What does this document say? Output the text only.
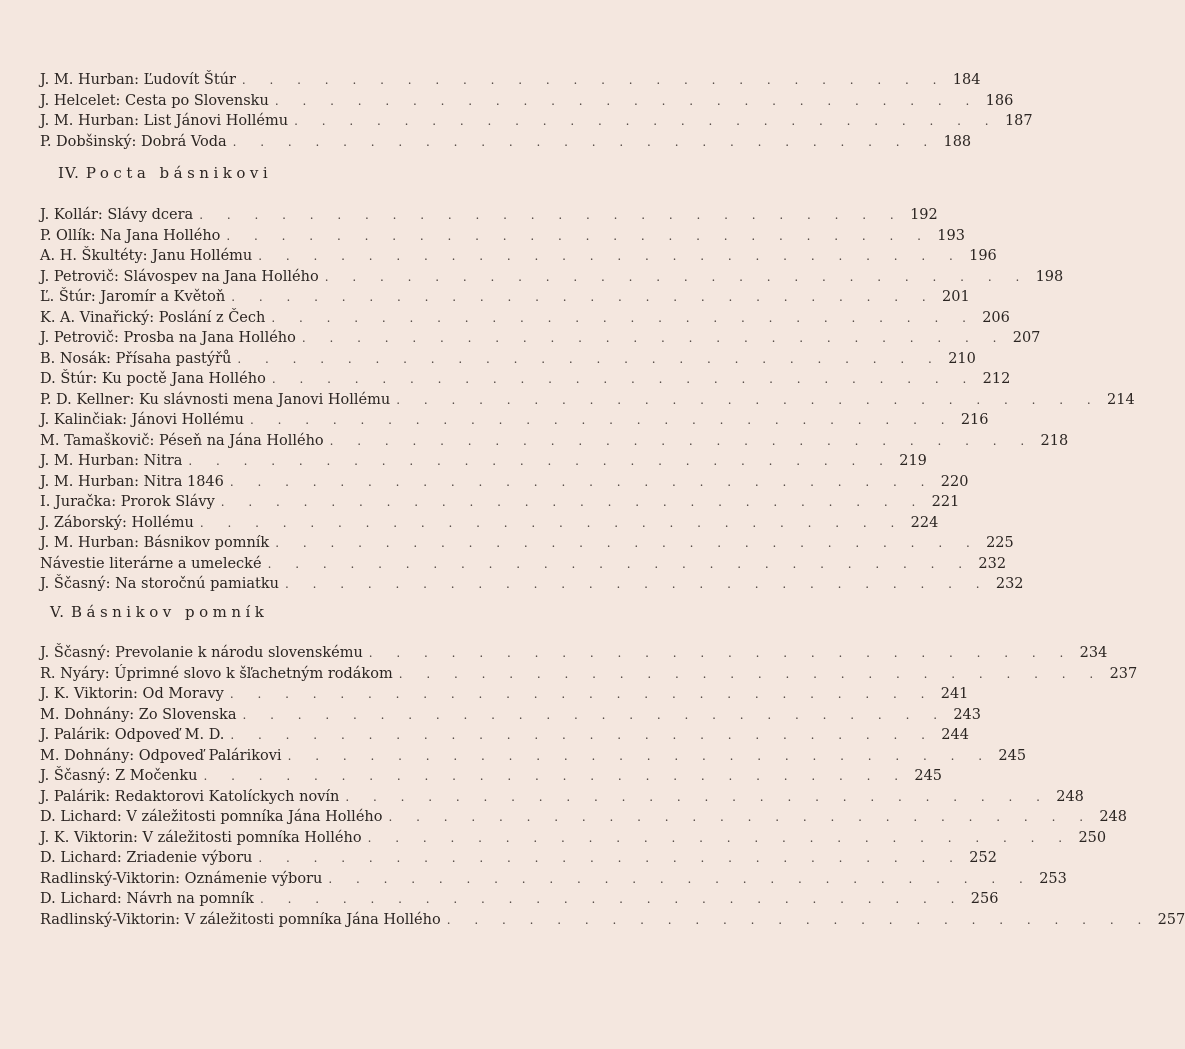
J. M. Hurban: Ľudovít Štúr . . . . . . . . . . . . . . . . . . . . . . . . . . 184
J. Helcelet: Cesta po Slovensku . . . . . . . . . . . . . . . . . . . . . . . . . . 186
J. M. Hurban: List Jánovi Hollému . . . . . . . . . . . . . . . . . . . . . . . . . . 187
P. Dobšinský: Dobrá Voda . . . . . . . . . . . . . . . . . . . . . . . . . . 188
IV. Pocta básnikovi
J. Kollár: Slávy dcera . . . . . . . . . . . . . . . . . . . . . . . . . . 192
P. Ollík: Na Jana Hollého . . . . . . . . . . . . . . . . . . . . . . . . . . 193
A. H. Škultéty: Janu Hollému . . . . . . . . . . . . . . . . . . . . . . . . . . 196
J. Petrovič: Slávospev na Jana Hollého . . . . . . . . . . . . . . . . . . . . . . . . . . 198
Ľ. Štúr: Jaromír a Květoň . . . . . . . . . . . . . . . . . . . . . . . . . . 201
K. A. Vinařický: Poslání z Čech . . . . . . . . . . . . . . . . . . . . . . . . . . 206
J. Petrovič: Prosba na Jana Hollého . . . . . . . . . . . . . . . . . . . . . . . . . . 207
B. Nosák: Přísaha pastýřů . . . . . . . . . . . . . . . . . . . . . . . . . . 210
D. Štúr: Ku poctě Jana Hollého . . . . . . . . . . . . . . . . . . . . . . . . . . 212
P. D. Kellner: Ku slávnosti mena Janovi Hollému . . . . . . . . . . . . . . . . . . . . . . . . . . 214
J. Kalinčiak: Jánovi Hollému . . . . . . . . . . . . . . . . . . . . . . . . . . 216
M. Tamaškovič: Péseň na Jána Hollého . . . . . . . . . . . . . . . . . . . . . . . . . . 218
J. M. Hurban: Nitra . . . . . . . . . . . . . . . . . . . . . . . . . . 219
J. M. Hurban: Nitra 1846 . . . . . . . . . . . . . . . . . . . . . . . . . . 220
I. Juračka: Prorok Slávy . . . . . . . . . . . . . . . . . . . . . . . . . . 221
J. Záborský: Hollému . . . . . . . . . . . . . . . . . . . . . . . . . . 224
J. M. Hurban: Básnikov pomník . . . . . . . . . . . . . . . . . . . . . . . . . . 225
Návestie literárne a umelecké . . . . . . . . . . . . . . . . . . . . . . . . . . 232
J. Ščasný: Na storočnú pamiatku . . . . . . . . . . . . . . . . . . . . . . . . . . 232
V. Básnikov pomník
J. Ščasný: Prevolanie k národu slovenskému . . . . . . . . . . . . . . . . . . . . . . . . . . 234
R. Nyáry: Úprimné slovo k šľachetným rodákom . . . . . . . . . . . . . . . . . . . . . . . . . . 237
J. K. Viktorin: Od Moravy . . . . . . . . . . . . . . . . . . . . . . . . . . 241
M. Dohnány: Zo Slovenska . . . . . . . . . . . . . . . . . . . . . . . . . . 243
J. Palárik: Odpoveď M. D. . . . . . . . . . . . . . . . . . . . . . . . . . . 244
M. Dohnány: Odpoveď Palárikovi . . . . . . . . . . . . . . . . . . . . . . . . . . 245
J. Ščasný: Z Močenku . . . . . . . . . . . . . . . . . . . . . . . . . . 245
J. Palárik: Redaktorovi Katolíckych novín . . . . . . . . . . . . . . . . . . . . . . . . . . 248
D. Lichard: V záležitosti pomníka Jána Hollého . . . . . . . . . . . . . . . . . . . . . . . . . . 248
J. K. Viktorin: V záležitosti pomníka Hollého . . . . . . . . . . . . . . . . . . . . . . . . . . 250
D. Lichard: Zriadenie výboru . . . . . . . . . . . . . . . . . . . . . . . . . . 252
Radlinský-Viktorin: Oznámenie výboru . . . . . . . . . . . . . . . . . . . . . . . . . . 253
D. Lichard: Návrh na pomník . . . . . . . . . . . . . . . . . . . . . . . . . . 256
Radlinský-Viktorin: V záležitosti pomníka Jána Hollého . . . . . . . . . . . . . . . . . . . . . . . . . . 257
